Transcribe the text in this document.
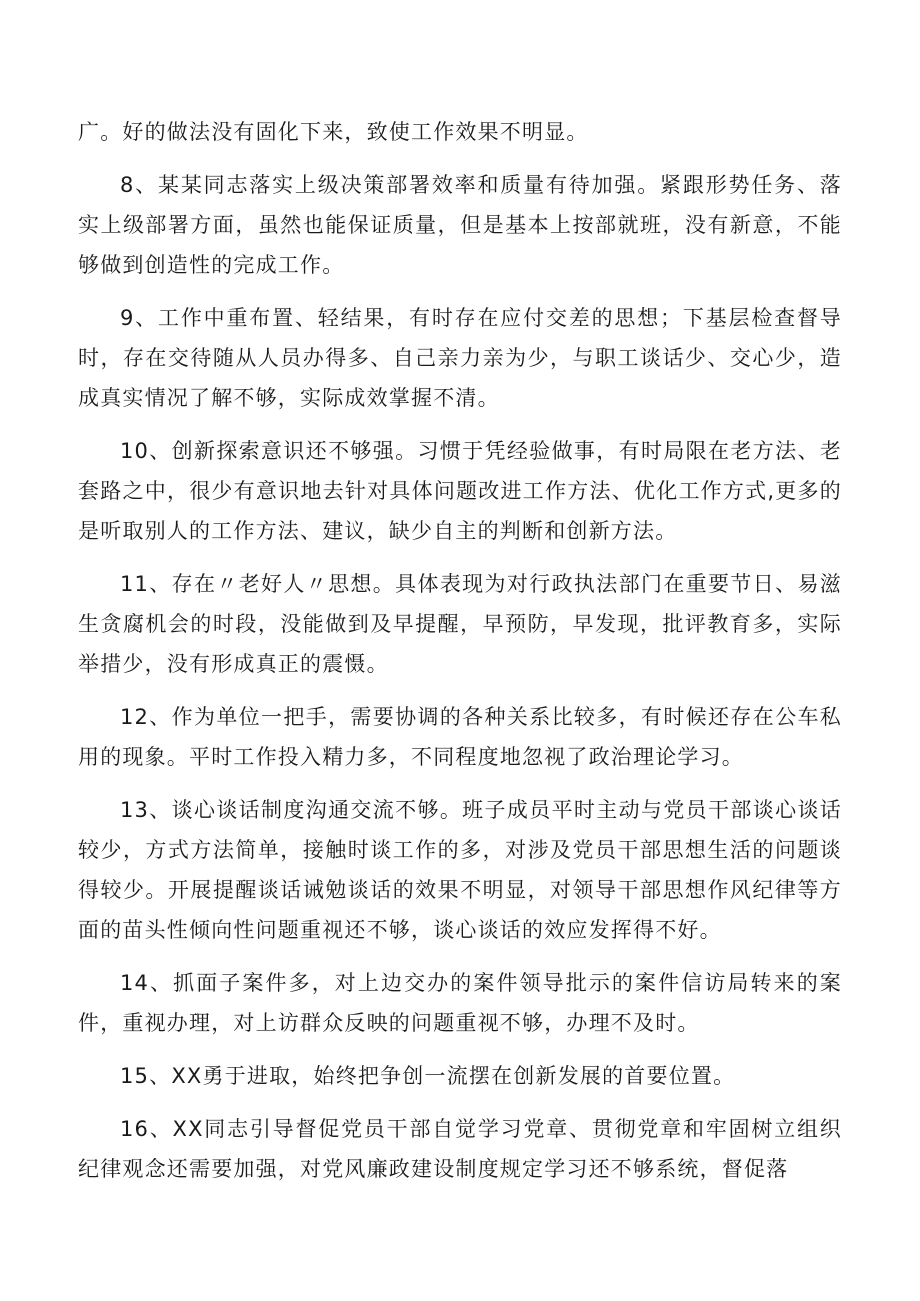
广。好的做法没有固化下来，致使工作效果不明显。

8、某某同志落实上级决策部署效率和质量有待加强。紧跟形势任务、落实上级部署方面，虽然也能保证质量，但是基本上按部就班，没有新意，不能够做到创造性的完成工作。

9、工作中重布置、轻结果，有时存在应付交差的思想；下基层检查督导时，存在交待随从人员办得多、自己亲力亲为少，与职工谈话少、交心少，造成真实情况了解不够，实际成效掌握不清。

10、创新探索意识还不够强。习惯于凭经验做事，有时局限在老方法、老套路之中，很少有意识地去针对具体问题改进工作方法、优化工作方式,更多的是听取别人的工作方法、建议，缺少自主的判断和创新方法。

11、存在〃老好人〃思想。具体表现为对行政执法部门在重要节日、易滋生贪腐机会的时段，没能做到及早提醒，早预防，早发现，批评教育多，实际举措少，没有形成真正的震慑。

12、作为单位一把手，需要协调的各种关系比较多，有时候还存在公车私用的现象。平时工作投入精力多，不同程度地忽视了政治理论学习。

13、谈心谈话制度沟通交流不够。班子成员平时主动与党员干部谈心谈话较少，方式方法简单，接触时谈工作的多，对涉及党员干部思想生活的问题谈得较少。开展提醒谈话诫勉谈话的效果不明显，对领导干部思想作风纪律等方面的苗头性倾向性问题重视还不够，谈心谈话的效应发挥得不好。

14、抓面子案件多，对上边交办的案件领导批示的案件信访局转来的案件，重视办理，对上访群众反映的问题重视不够，办理不及时。

15、XX勇于进取，始终把争创一流摆在创新发展的首要位置。

16、XX同志引导督促党员干部自觉学习党章、贯彻党章和牢固树立组织纪律观念还需要加强，对党风廉政建设制度规定学习还不够系统，督促落
